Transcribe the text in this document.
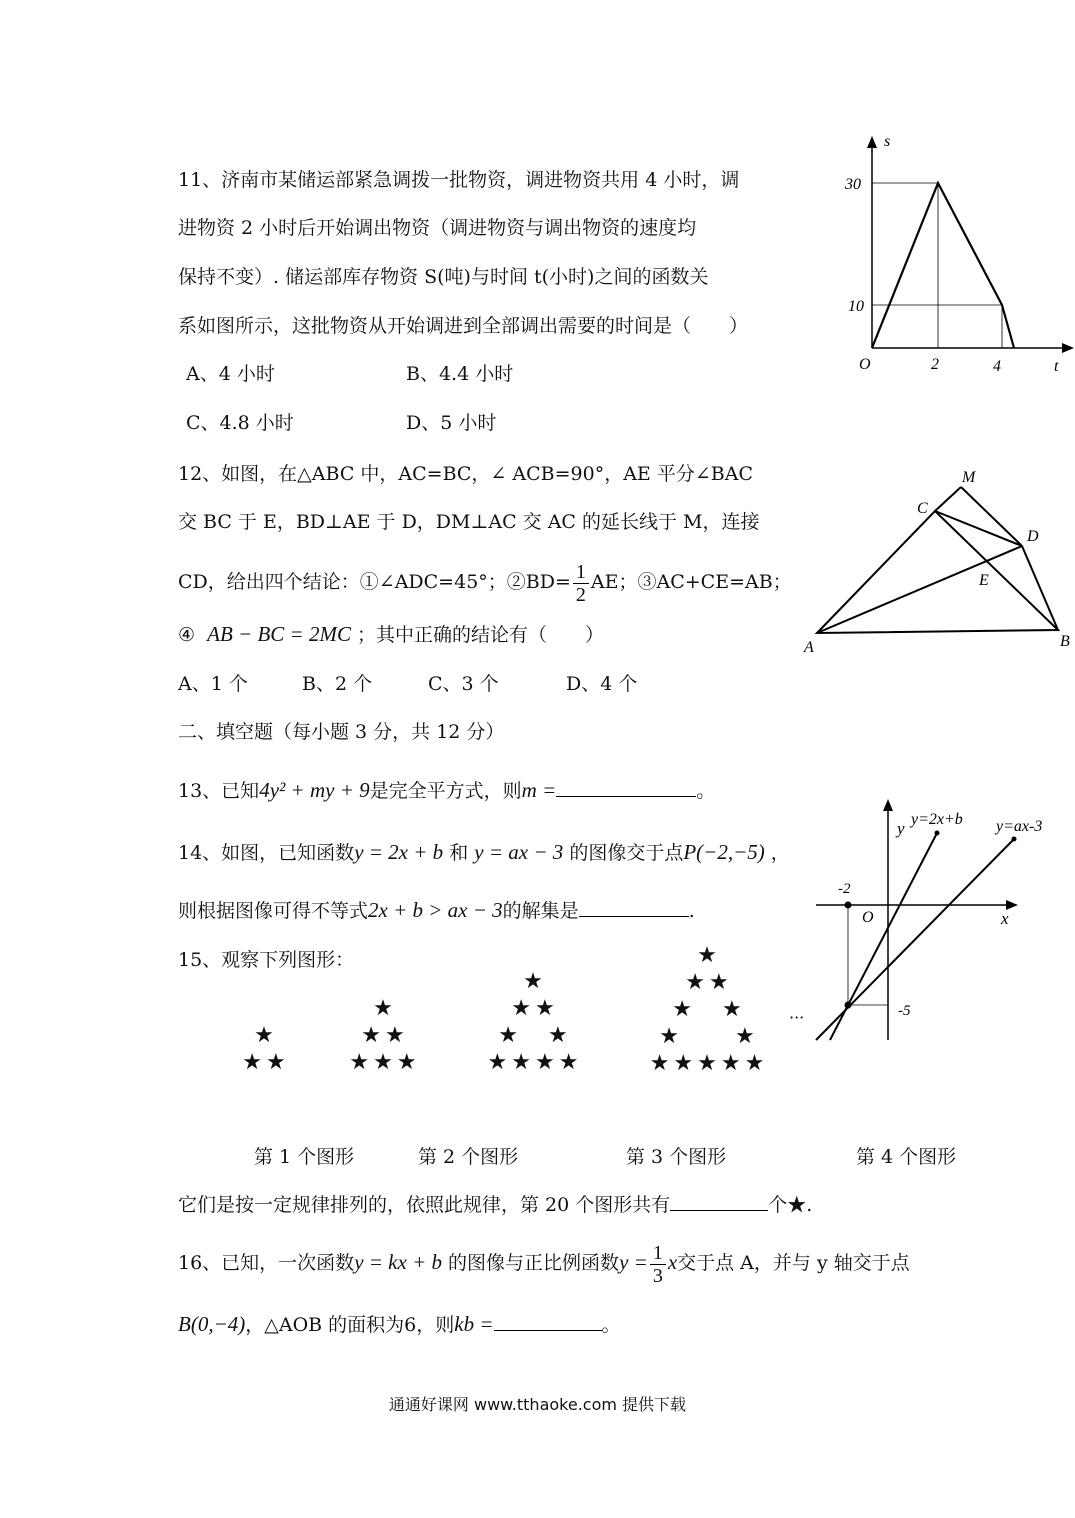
11、济南市某储运部紧急调拨一批物资，调进物资共用 4 小时，调
进物资 2 小时后开始调出物资（调进物资与调出物资的速度均
保持不变）. 储运部库存物资 S(吨)与时间 t(小时)之间的函数关
系如图所示，这批物资从开始调进到全部调出需要的时间是（　　）
A、4 小时	B、4.4 小时
C、4.8 小时	D、5 小时
s
t
O
30
10
2	4
12、如图，在△ABC 中，AC=BC，∠ ACB=90°，AE 平分∠BAC
交 BC 于 E，BD⊥AE 于 D，DM⊥AC 交 AC 的延长线于 M，连接
CD，给出四个结论：①∠ADC=45°；②BD= $\frac{1}{2}$ AE；③AC+CE=AB；
④ AB − BC = 2MC ；其中正确的结论有（　　）
A、1 个	B、2 个	C、3 个	D、4 个
M
C
D
E
A	B
二、填空题（每小题 3 分，共 12 分）
13、已知4y² + my + 9是完全平方式，则m =	。
14、如图，已知函数y = 2x + b 和 y = ax − 3 的图像交于点P(−2,−5) ，
则根据图像可得不等式2x + b > ax − 3的解集是	.
y
x
O
y=2x+b y=ax-3
-2
-5
15、观察下列图形：
★
★★
★
★★
★★★
★
★★
★　★
★★★★
★
★★
★　★
★　　★
★★★★★
···
第 1 个图形	第 2 个图形	第 3 个图形	第 4 个图形
它们是按一定规律排列的，依照此规律，第 20 个图形共有	个★.
16、已知，一次函数y = kx + b 的图像与正比例函数$y = \frac{1}{3}$ x交于点 A，并与 y 轴交于点
B(0,−4)，△AOB 的面积为6，则kb =	。
通通好课网 www.tthaoke.com 提供下载
